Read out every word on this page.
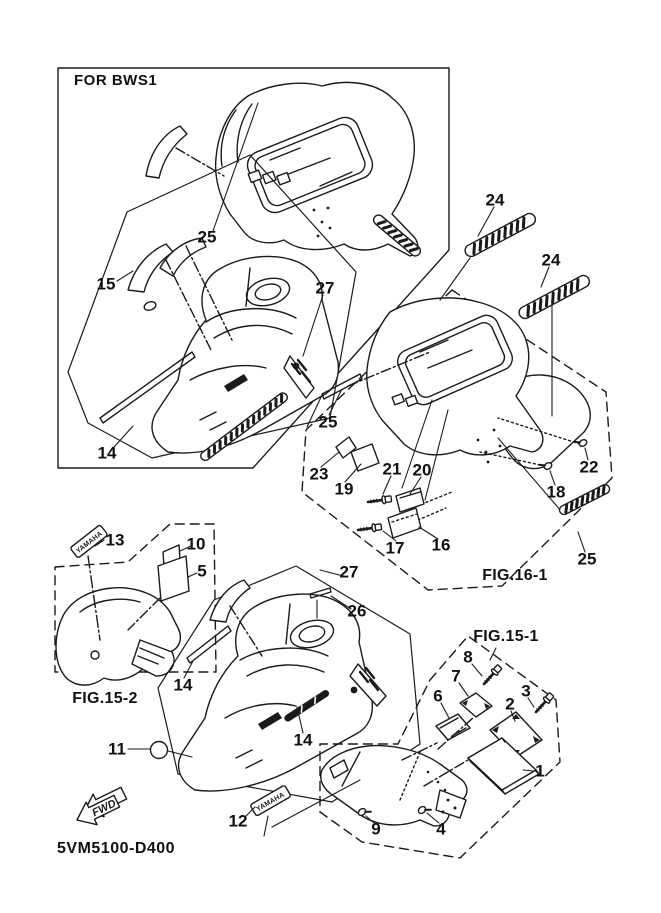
YAMAHA
YAMAHA
FWD
FOR BWS1
5VM5100-D400
FIG.16-1
FIG.15-2
FIG.15-1
25
15	27
14
24
24
25
23
19
21 20
17 16
18
22
25
13	10
5
14
27
26
14
11
12
8
7
6	3
2
1
9	4
